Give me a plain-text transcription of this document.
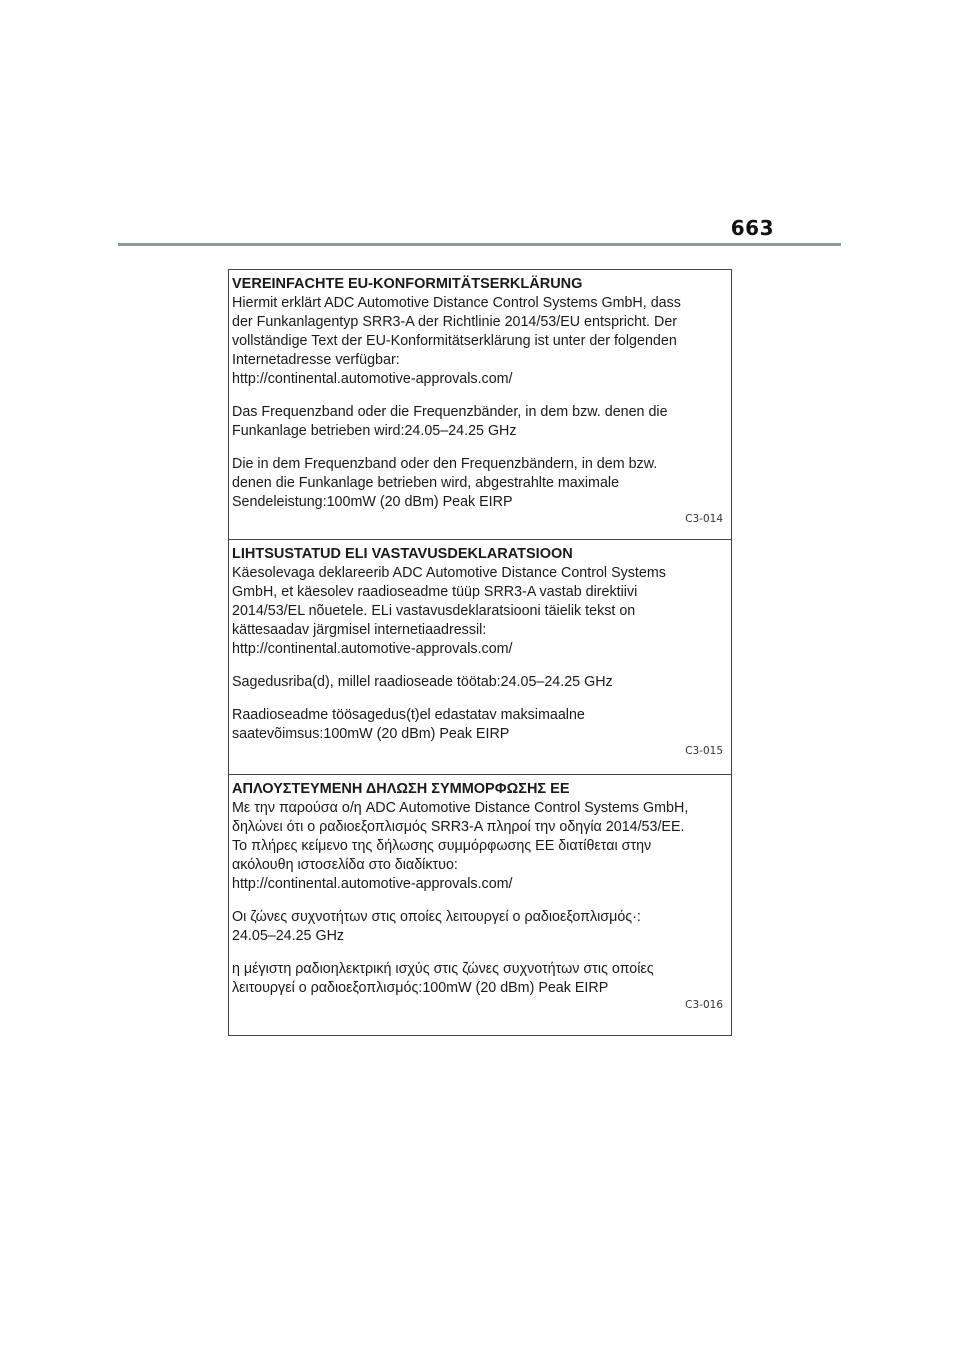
663

VEREINFACHTE EU-KONFORMITÄTSERKLÄRUNG

Hiermit erklärt ADC Automotive Distance Control Systems GmbH, dass
der Funkanlagentyp SRR3-A der Richtlinie 2014/53/EU entspricht. Der
vollständige Text der EU-Konformitätserklärung ist unter der folgenden
Internetadresse verfügbar:
http://continental.automotive-approvals.com/

Das Frequenzband oder die Frequenzbänder, in dem bzw. denen die
Funkanlage betrieben wird:24.05–24.25 GHz

Die in dem Frequenzband oder den Frequenzbändern, in dem bzw.
denen die Funkanlage betrieben wird, abgestrahlte maximale
Sendeleistung:100mW (20 dBm) Peak EIRP

C3-014

LIHTSUSTATUD ELI VASTAVUSDEKLARATSIOON

Käesolevaga deklareerib ADC Automotive Distance Control Systems
GmbH, et käesolev raadioseadme tüüp SRR3-A vastab direktiivi
2014/53/EL nõuetele. ELi vastavusdeklaratsiooni täielik tekst on
kättesaadav järgmisel internetiaadressil:
http://continental.automotive-approvals.com/

Sagedusriba(d), millel raadioseade töötab:24.05–24.25 GHz

Raadioseadme töösagedus(t)el edastatav maksimaalne
saatevõimsus:100mW (20 dBm) Peak EIRP

C3-015

ΑΠΛΟΥΣΤΕΥΜΕΝΗ ΔΗΛΩΣΗ ΣΥΜΜΟΡΦΩΣΗΣ ΕΕ

Με την παρούσα ο/η ADC Automotive Distance Control Systems GmbH,
δηλώνει ότι ο ραδιοεξοπλισμός SRR3-A πληροί την οδηγία 2014/53/ΕΕ.
Το πλήρες κείμενο της δήλωσης συμμόρφωσης ΕΕ διατίθεται στην
ακόλουθη ιστοσελίδα στο διαδίκτυο:
http://continental.automotive-approvals.com/

Οι ζώνες συχνοτήτων στις οποίες λειτουργεί ο ραδιοεξοπλισμός·:
24.05–24.25 GHz

η μέγιστη ραδιοηλεκτρική ισχύς στις ζώνες συχνοτήτων στις οποίες
λειτουργεί ο ραδιοεξοπλισμός:100mW (20 dBm) Peak EIRP

C3-016
